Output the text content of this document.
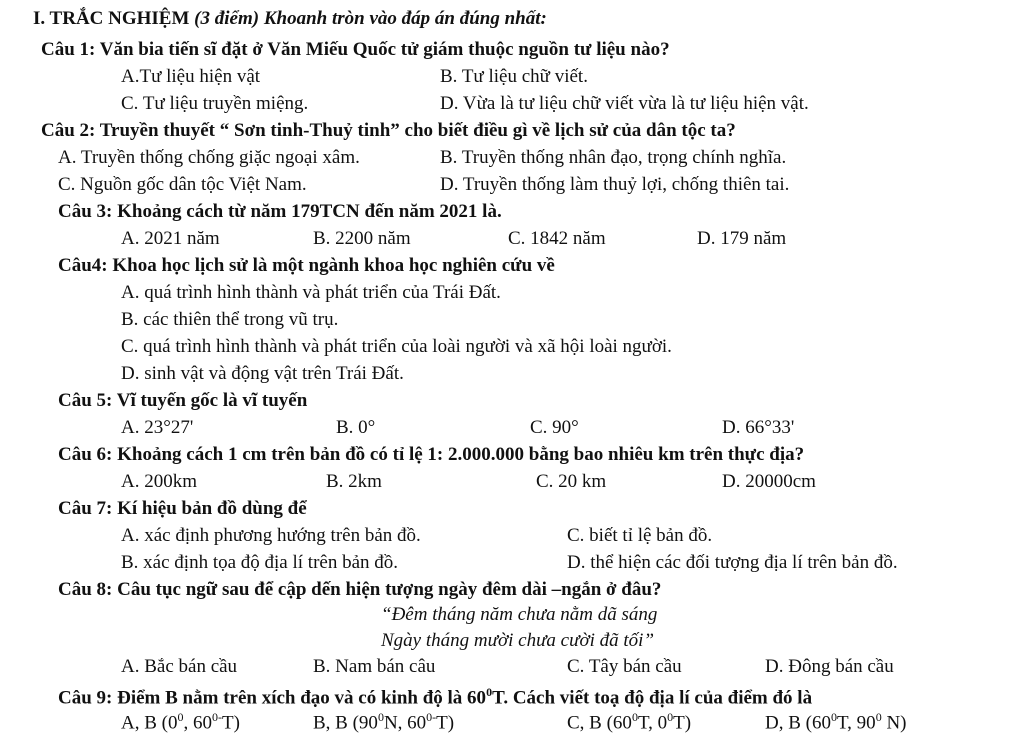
I. TRẮC NGHIỆM (3 điểm) Khoanh tròn vào đáp án đúng nhất:
Câu 1: Văn bia tiến sĩ đặt ở Văn Miếu Quốc tử giám thuộc nguồn tư liệu nào?
A.Tư liệu hiện vật	B. Tư liệu chữ viết.
C. Tư liệu truyền miệng.	D. Vừa là tư liệu chữ viết vừa là tư liệu hiện vật.
Câu 2: Truyền thuyết “ Sơn tinh-Thuỷ tinh” cho biết điều gì về lịch sử của dân tộc ta?
A. Truyền thống chống giặc ngoại xâm.	B. Truyền thống nhân đạo, trọng chính nghĩa.
C. Nguồn gốc dân tộc Việt Nam.	D. Truyền thống làm thuỷ lợi, chống thiên tai.
Câu 3: Khoảng cách từ năm 179TCN đến năm 2021 là.
A. 2021 năm	B. 2200 năm	C. 1842 năm	D. 179 năm
Câu4: Khoa học lịch sử là một ngành khoa học nghiên cứu về
A. quá trình hình thành và phát triển của Trái Đất.
B. các thiên thể trong vũ trụ.
C. quá trình hình thành và phát triển của loài người và xã hội loài người.
D. sinh vật và động vật trên Trái Đất.
Câu 5: Vĩ tuyến gốc là vĩ tuyến
A. 23°27'	B. 0°	C. 90°	D. 66°33'
Câu 6: Khoảng cách 1 cm trên bản đồ có tỉ lệ 1: 2.000.000 bằng bao nhiêu km trên thực địa?
A. 200km	B. 2km	C. 20 km	D. 20000cm
Câu 7: Kí hiệu bản đồ dùng để
A. xác định phương hướng trên bản đồ.	C. biết tỉ lệ bản đồ.
B. xác định tọa độ địa lí trên bản đồ.	D. thể hiện các đối tượng địa lí trên bản đồ.
Câu 8: Câu tục ngữ sau để cập dến hiện tượng ngày đêm dài –ngắn ở đâu?
“Đêm tháng năm chưa nằm dã sáng
Ngày tháng mười chưa cười đã tối”
A. Bắc bán cầu	B. Nam bán câu	C. Tây bán cầu	D. Đông bán cầu
Câu 9: Điểm B nằm trên xích đạo và có kinh độ là $60^0T$. Cách viết toạ độ địa lí của điểm đó là
A, B ($0^0$, $60^{0-}T$)	B, B ($90^0N$, $60^{0-}T$)	C, B ($60^0T$, $0^0T$)	D, B ($60^0T$, $90^0$ N)
